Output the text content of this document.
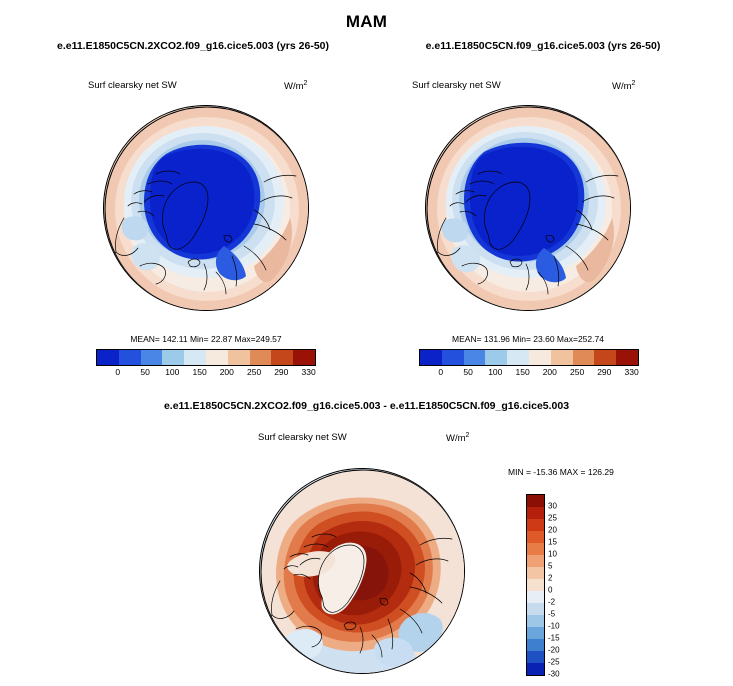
MAM
e.e11.E1850C5CN.2XCO2.f09_g16.cice5.003 (yrs 26-50)
Surf clearsky net SW	$W/m^2$
MEAN= 142.11 Min= 22.87 Max=249.57
0 50 100 150 200 250 290 330
e.e11.E1850C5CN.f09_g16.cice5.003 (yrs 26-50)
Surf clearsky net SW	$W/m^2$
MEAN= 131.96 Min= 23.60 Max=252.74
0 50 100 150 200 250 290 330
e.e11.E1850C5CN.2XCO2.f09_g16.cice5.003 - e.e11.E1850C5CN.f09_g16.cice5.003
Surf clearsky net SW	$W/m^2$
MIN = -15.36 MAX = 126.29
30
25
20
15
10
5
2
0
-2
-5
-10
-15
-20
-25
-30
